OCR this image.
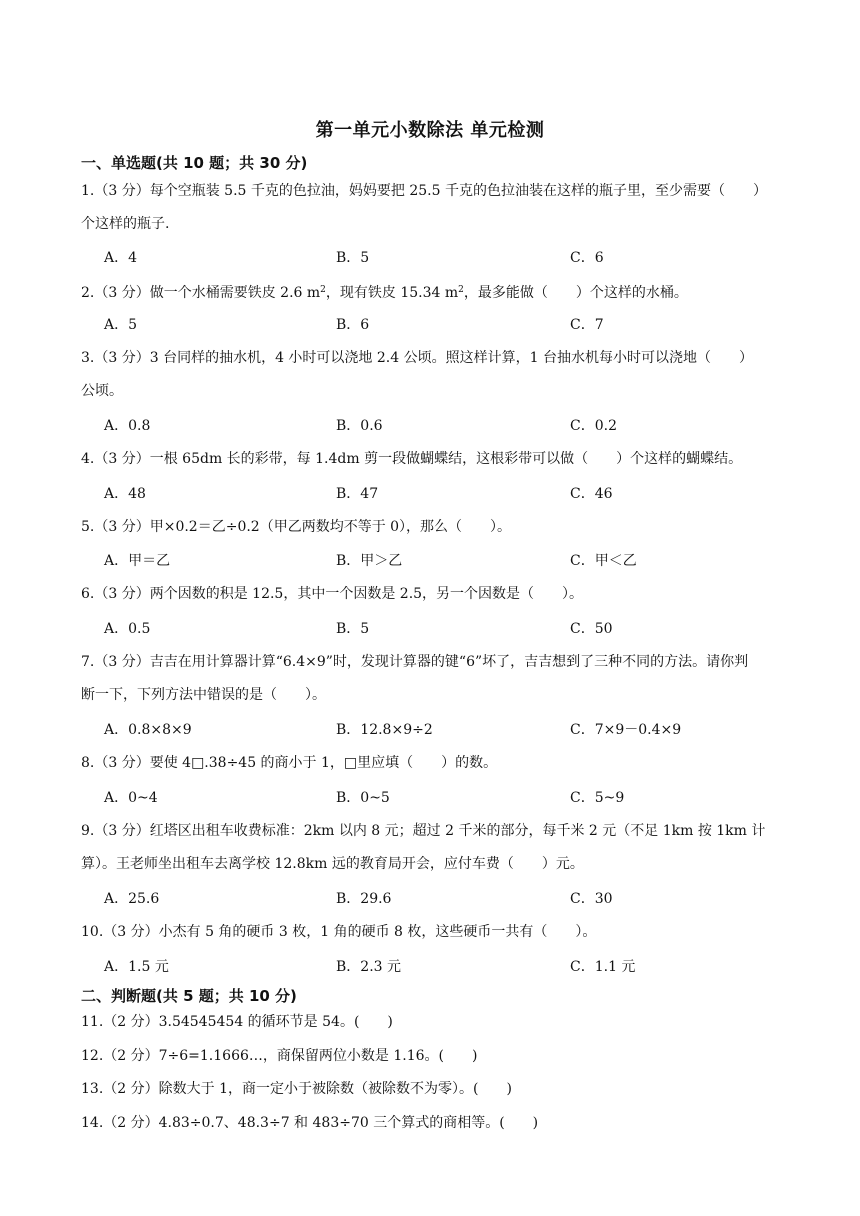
第一单元小数除法 单元检测
一、单选题(共 10 题；共 30 分)
1.（3 分）每个空瓶装 5.5 千克的色拉油，妈妈要把 25.5 千克的色拉油装在这样的瓶子里，至少需要（　　）
个这样的瓶子.
A．4	B．5	C．6
2.（3 分）做一个水桶需要铁皮 2.6 $m^2$，现有铁皮 15.34 $m^2$，最多能做（　　）个这样的水桶。
A．5	B．6	C．7
3.（3 分）3 台同样的抽水机，4 小时可以浇地 2.4 公顷。照这样计算，1 台抽水机每小时可以浇地（　　）
公顷。
A．0.8	B．0.6	C．0.2
4.（3 分）一根 65dm 长的彩带，每 1.4dm 剪一段做蝴蝶结，这根彩带可以做（　　）个这样的蝴蝶结。
A．48	B．47	C．46
5.（3 分）甲×0.2＝乙÷0.2（甲乙两数均不等于 0），那么（　　）。
A．甲＝乙	B．甲＞乙	C．甲＜乙
6.（3 分）两个因数的积是 12.5，其中一个因数是 2.5，另一个因数是（　　）。
A．0.5	B．5	C．50
7.（3 分）吉吉在用计算器计算“6.4×9”时，发现计算器的键“6”坏了，吉吉想到了三种不同的方法。请你判
断一下，下列方法中错误的是（　　）。
A．0.8×8×9	B．12.8×9÷2	C．7×9－0.4×9
8.（3 分）要使 4□.38÷45 的商小于 1，□里应填（　　）的数。
A．0~4	B．0~5	C．5~9
9.（3 分）红塔区出租车收费标准：2km 以内 8 元；超过 2 千米的部分，每千米 2 元（不足 1km 按 1km 计
算）。王老师坐出租车去离学校 12.8km 远的教育局开会，应付车费（　　）元。
A．25.6	B．29.6	C．30
10.（3 分）小杰有 5 角的硬币 3 枚，1 角的硬币 8 枚，这些硬币一共有（　　）。
A．1.5 元	B．2.3 元	C．1.1 元
二、判断题(共 5 题；共 10 分)
11.（2 分）3.54545454 的循环节是 54。(　　)
12.（2 分）7÷6=1.1666…，商保留两位小数是 1.16。(　　)
13.（2 分）除数大于 1，商一定小于被除数（被除数不为零）。(　　)
14.（2 分）4.83÷0.7、48.3÷7 和 483÷70 三个算式的商相等。(　　)
